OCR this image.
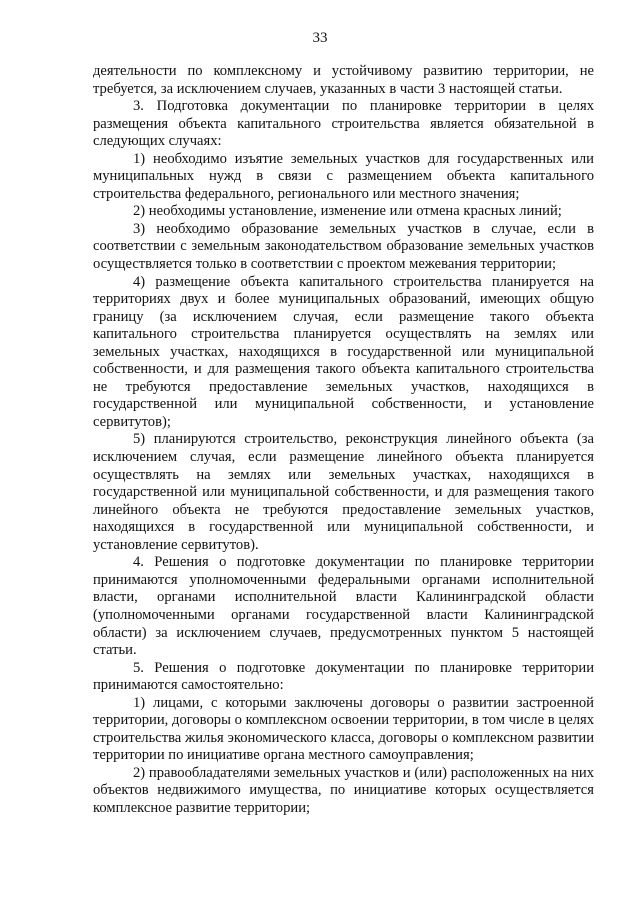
33

деятельности по комплексному и устойчивому развитию территории, не требуется, за исключением случаев, указанных в части 3 настоящей статьи.

3. Подготовка документации по планировке территории в целях размещения объекта капитального строительства является обязательной в следующих случаях:

1) необходимо изъятие земельных участков для государственных или муниципальных нужд в связи с размещением объекта капитального строительства федерального, регионального или местного значения;

2) необходимы установление, изменение или отмена красных линий;

3) необходимо образование земельных участков в случае, если в соответствии с земельным законодательством образование земельных участков осуществляется только в соответствии с проектом межевания территории;

4) размещение объекта капитального строительства планируется на территориях двух и более муниципальных образований, имеющих общую границу (за исключением случая, если размещение такого объекта капитального строительства планируется осуществлять на землях или земельных участках, находящихся в государственной или муниципальной собственности, и для размещения такого объекта капитального строительства не требуются предоставление земельных участков, находящихся в государственной или муниципальной собственности, и установление сервитутов);

5) планируются строительство, реконструкция линейного объекта (за исключением случая, если размещение линейного объекта планируется осуществлять на землях или земельных участках, находящихся в государственной или муниципальной собственности, и для размещения такого линейного объекта не требуются предоставление земельных участков, находящихся в государственной или муниципальной собственности, и установление сервитутов).

4. Решения о подготовке документации по планировке территории принимаются уполномоченными федеральными органами исполнительной власти, органами исполнительной власти Калининградской области (уполномоченными органами государственной власти Калининградской области) за исключением случаев, предусмотренных пунктом 5 настоящей статьи.

5. Решения о подготовке документации по планировке территории принимаются самостоятельно:

1) лицами, с которыми заключены договоры о развитии застроенной территории, договоры о комплексном освоении территории, в том числе в целях строительства жилья экономического класса, договоры о комплексном развитии территории по инициативе органа местного самоуправления;

2) правообладателями земельных участков и (или) расположенных на них объектов недвижимого имущества, по инициативе которых осуществляется комплексное развитие территории;
